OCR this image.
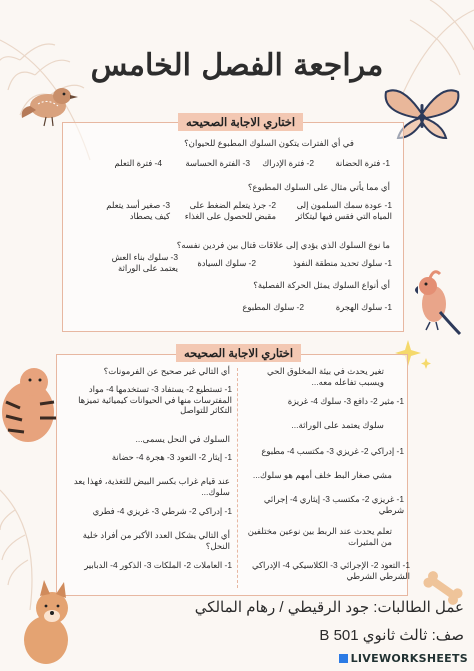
مراجعة الفصل الخامس
اختاري الاجابة الصحيحه
في أي الفترات يتكون السلوك المطبوع للحيوان؟
1- فترة الحضانة
2- فترة الإدراك
3- الفترة الحساسة
4- فترة التعلم
أي مما يأتي مثال على السلوك المطبوع؟
1- عودة سمك السلمون إلى المياه التي فقس فيها ليتكاثر
2- جرذ يتعلم الضغط على مقبض للحصول على الغذاء
3- صغير أسد يتعلم كيف يصطاد
ما نوع السلوك الذي يؤدي إلى علاقات قتال بين فردين نفسه؟
1- سلوك تحديد منطقة النفوذ
2- سلوك السيادة
3- سلوك بناء العش يعتمد على الوراثة
أي أنواع السلوك يمثل الحركة الفصلية؟
1- سلوك الهجرة
2- سلوك المطبوع
اختاري الاجابة الصحيحه
تغير يحدث في بيئة المخلوق الحي ويسبب تفاعله معه...
1- مثير 2- دافع 3- سلوك 4- غريزة
سلوك يعتمد على الوراثة...
1- إدراكي 2- غريزي 3- مكتسب 4- مطبوع
مشي صغار البط خلف أمهم هو سلوك...
1- غريزي 2- مكتسب 3- إيثاري 4- إجرائي شرطي
تعلم يحدث عند الربط بين نوعين مختلفين من المثيرات
1- التعود 2- الإجرائي 3- الكلاسيكي 4- الإدراكي الشرطي الشرطي
أي التالي غير صحيح عن الفرمونات؟
1- تستطيع 2- يستفاد 3- تستخدمها 4- مواد المفترسات منها في الحيوانات كيميائية تميزها التكاثر للتواصل
السلوك في النحل يسمى...
1- إيثار 2- التعود 3- هجرة 4- حضانة
عند قيام غراب بكسر البيض للتغذية، فهذا يعد سلوك...
1- إدراكي 2- شرطي 3- غريزي 4- فطري
أي التالي يشكل العدد الأكبر من أفراد خلية النحل؟
1- العاملات 2- الملكات 3- الذكور 4- الدبابير
عمل الطالبات: جود الرقيطي / رهام المالكي
صف: ثالث ثانوي B 501
LIVEWORKSHEETS
